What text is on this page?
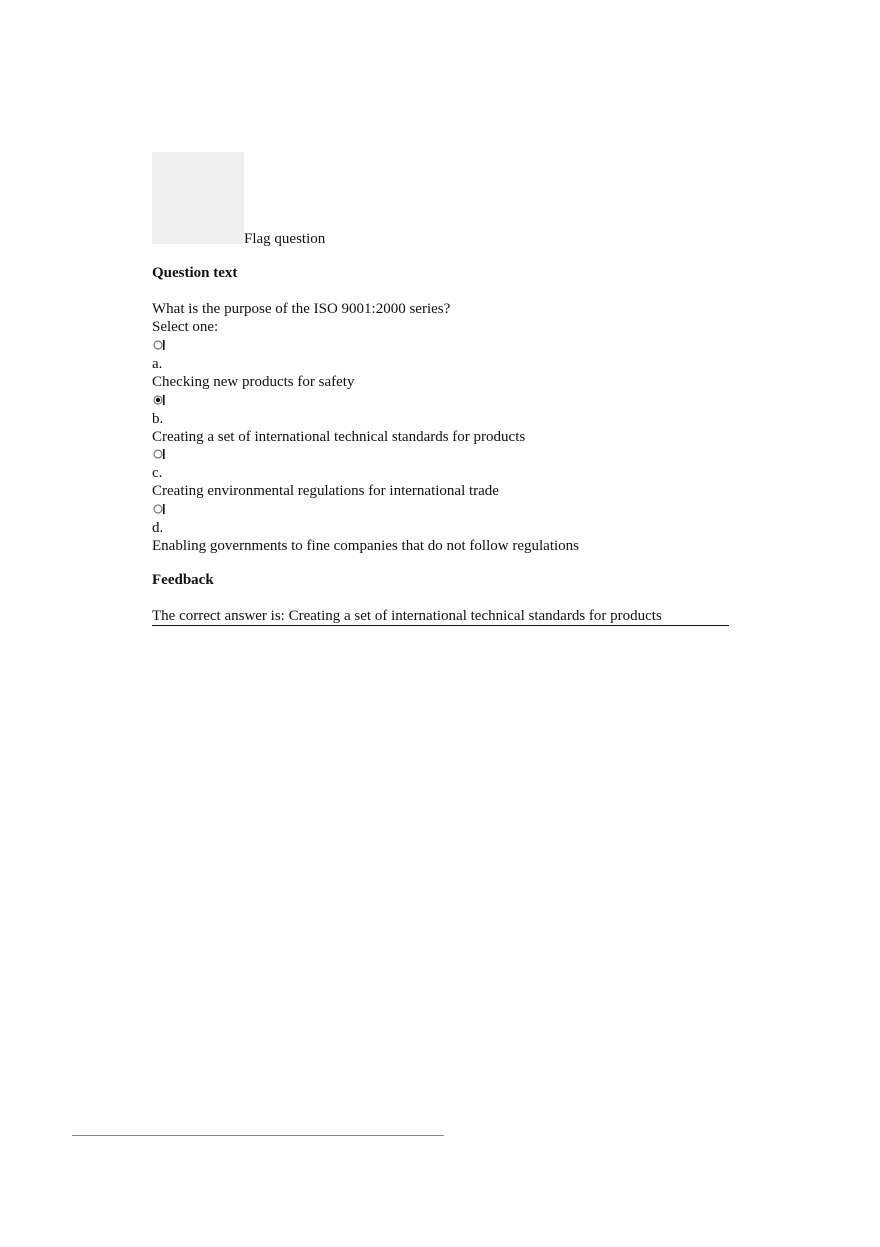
Flag question
Question text
What is the purpose of the ISO 9001:2000 series?
Select one:
a.
Checking new products for safety
b.
Creating a set of international technical standards for products
c.
Creating environmental regulations for international trade
d.
Enabling governments to fine companies that do not follow regulations
Feedback
The correct answer is: Creating a set of international technical standards for products
